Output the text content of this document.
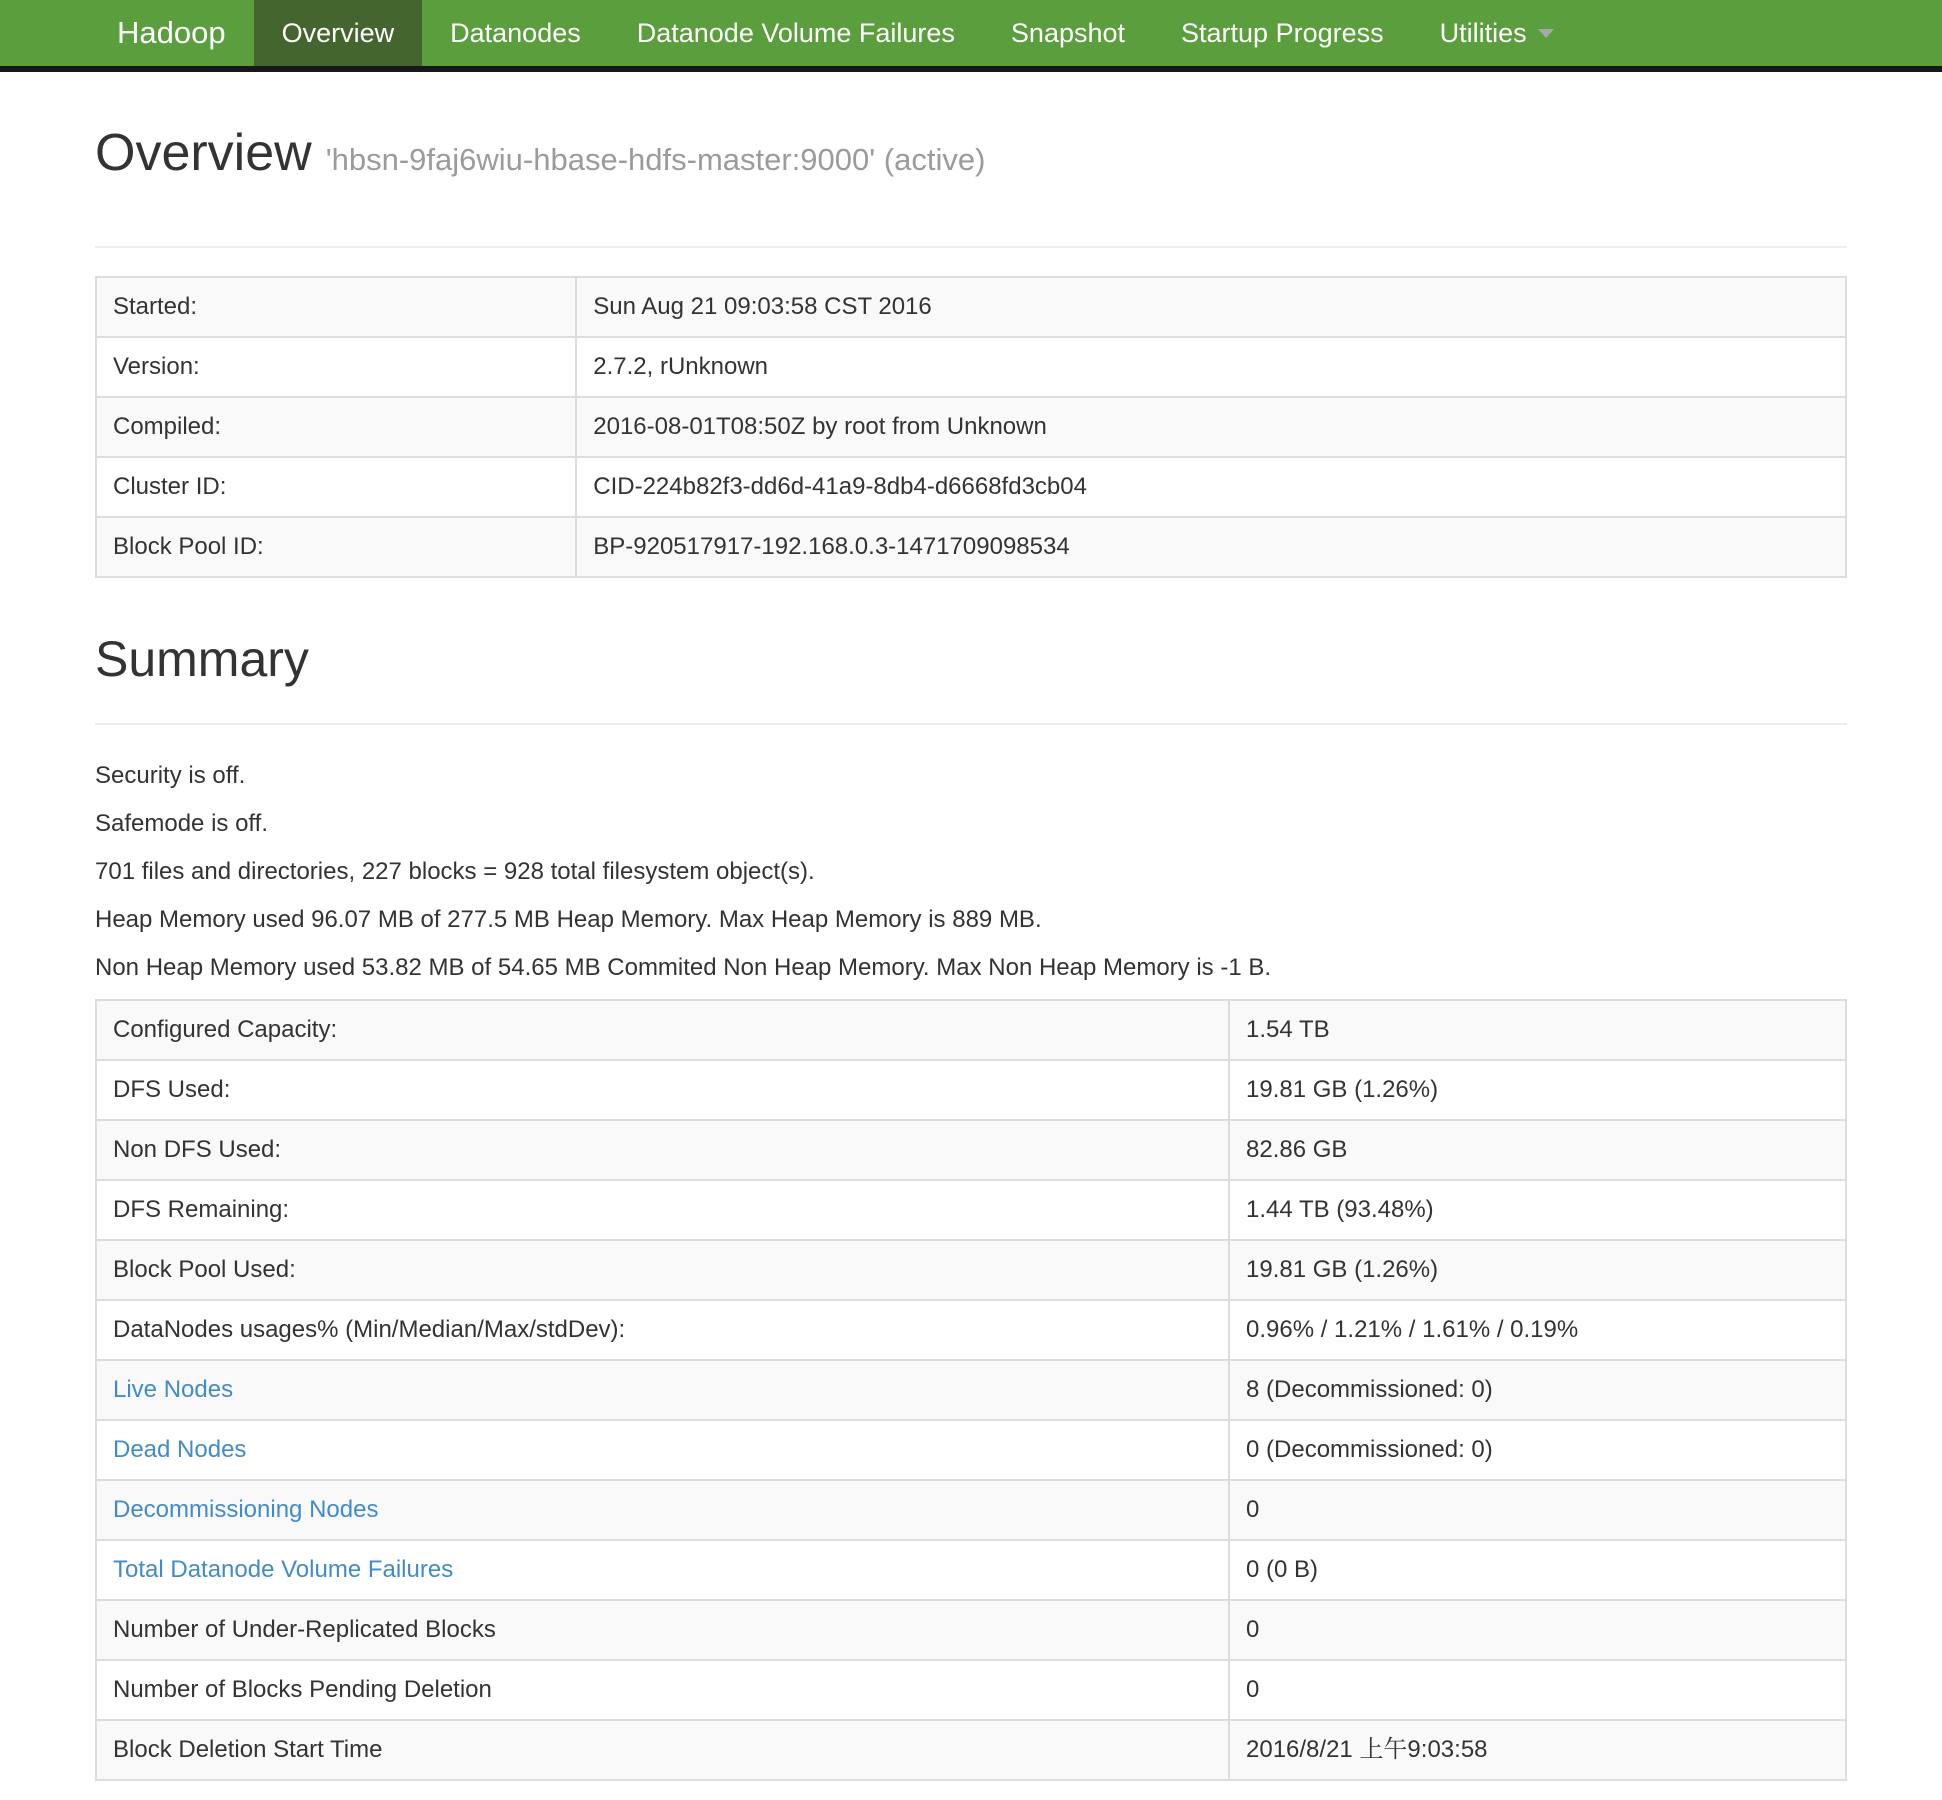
Hadoop	Overview	Datanodes	Datanode Volume Failures	Snapshot	Startup Progress	Utilities
Overview 'hbsn-9faj6wiu-hbase-hdfs-master:9000' (active)
Started:	Sun Aug 21 09:03:58 CST 2016
Version:	2.7.2, rUnknown
Compiled:	2016-08-01T08:50Z by root from Unknown
Cluster ID:	CID-224b82f3-dd6d-41a9-8db4-d6668fd3cb04
Block Pool ID:	BP-920517917-192.168.0.3-1471709098534
Summary

Security is off.

Safemode is off.

701 files and directories, 227 blocks = 928 total filesystem object(s).

Heap Memory used 96.07 MB of 277.5 MB Heap Memory. Max Heap Memory is 889 MB.

Non Heap Memory used 53.82 MB of 54.65 MB Commited Non Heap Memory. Max Non Heap Memory is -1 B.

Configured Capacity:	1.54 TB
DFS Used:	19.81 GB (1.26%)
Non DFS Used:	82.86 GB
DFS Remaining:	1.44 TB (93.48%)
Block Pool Used:	19.81 GB (1.26%)
DataNodes usages% (Min/Median/Max/stdDev):	0.96% / 1.21% / 1.61% / 0.19%
Live Nodes	8 (Decommissioned: 0)
Dead Nodes	0 (Decommissioned: 0)
Decommissioning Nodes	0
Total Datanode Volume Failures	0 (0 B)
Number of Under-Replicated Blocks	0
Number of Blocks Pending Deletion	0
Block Deletion Start Time	2016/8/21 上午9:03:58
